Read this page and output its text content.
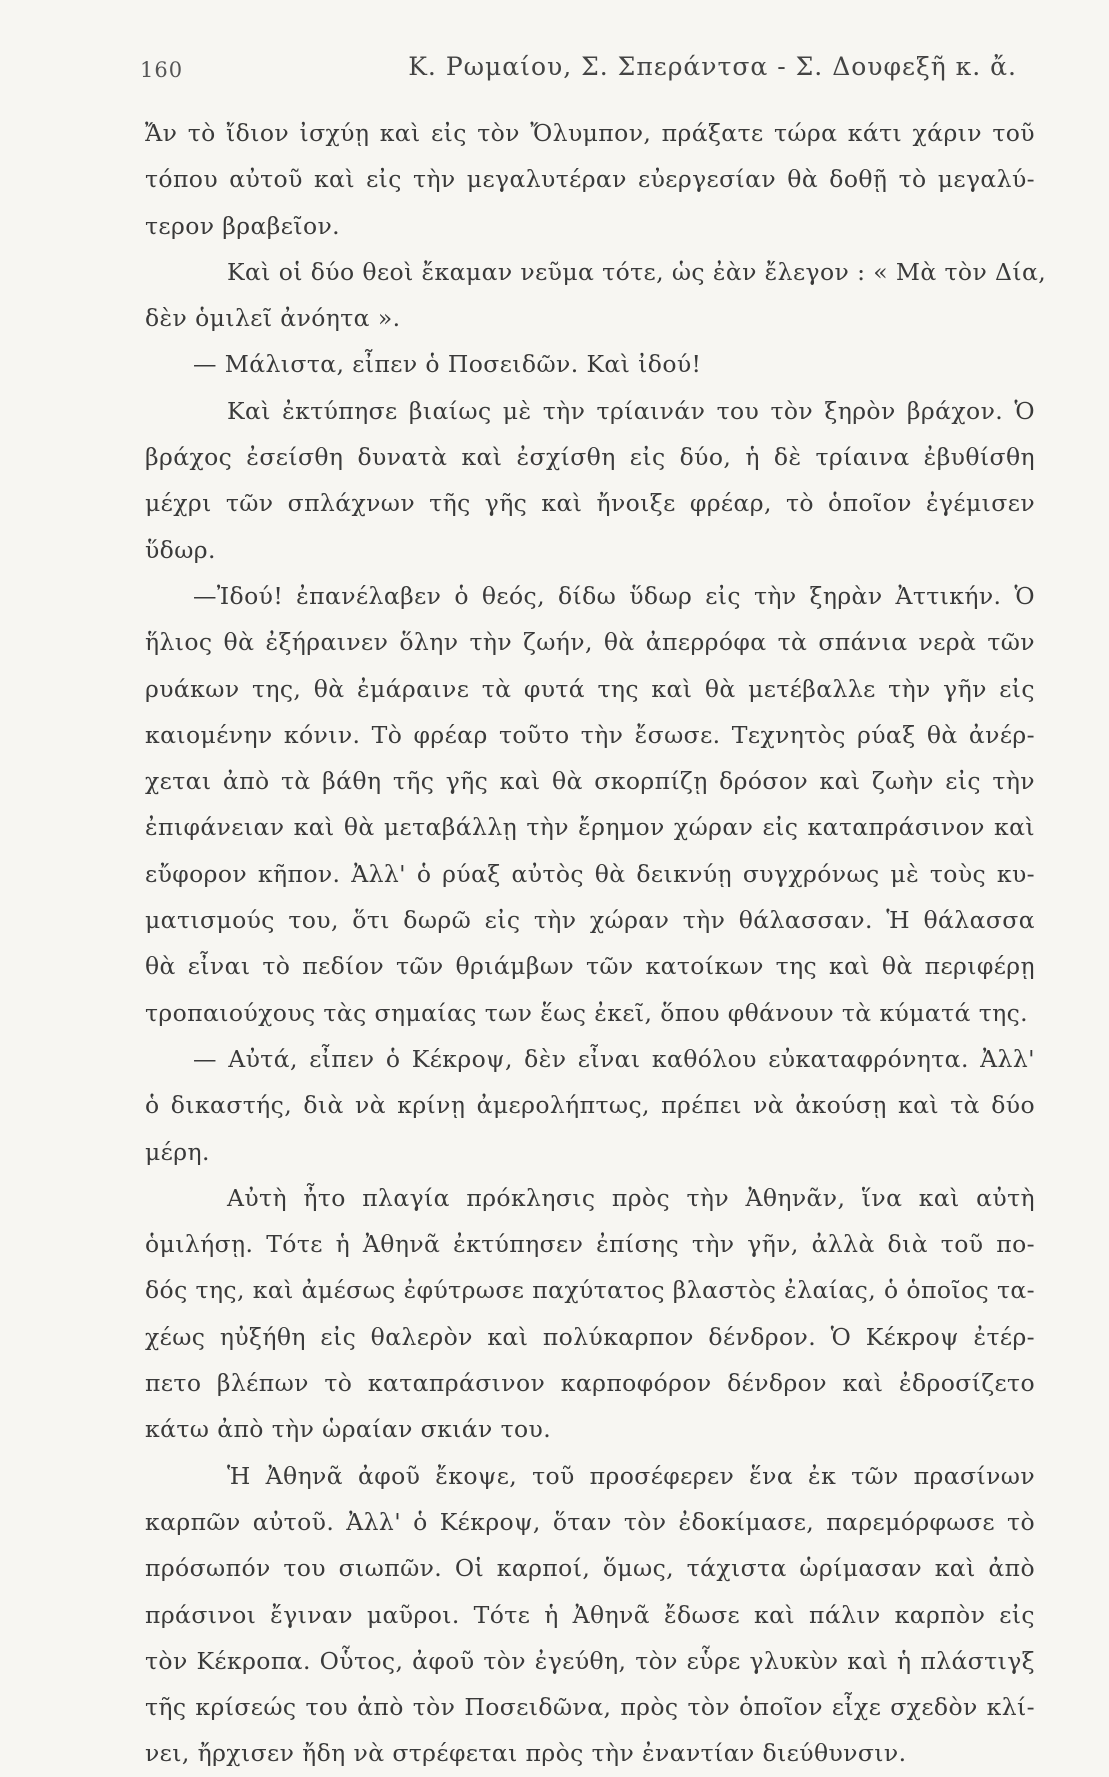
160	Κ. Ρωμαίου, Σ. Σπεράντσα - Σ. Δουφεξῆ κ. ἄ.
Ἄν τὸ ἴδιον ἰσχύῃ καὶ εἰς τὸν Ὄλυμπον, πράξατε τώρα κάτι χάριν τοῦ
τόπου αὐτοῦ καὶ εἰς τὴν μεγαλυτέραν εὐεργεσίαν θὰ δοθῇ τὸ μεγαλύ-
τερον βραβεῖον.
Καὶ οἱ δύο θεοὶ ἔκαμαν νεῦμα τότε, ὡς ἐὰν ἔλεγον : « Μὰ τὸν Δία,
δὲν ὁμιλεῖ ἀνόητα ».
— Μάλιστα, εἶπεν ὁ Ποσειδῶν. Καὶ ἰδού!
Καὶ ἐκτύπησε βιαίως μὲ τὴν τρίαινάν του τὸν ξηρὸν βράχον. Ὁ
βράχος ἐσείσθη δυνατὰ καὶ ἐσχίσθη εἰς δύο, ἡ δὲ τρίαινα ἐβυθίσθη
μέχρι τῶν σπλάχνων τῆς γῆς καὶ ἤνοιξε φρέαρ, τὸ ὁποῖον ἐγέμισεν
ὕδωρ.
—Ἰδού! ἐπανέλαβεν ὁ θεός, δίδω ὕδωρ εἰς τὴν ξηρὰν Ἀττικήν. Ὁ
ἥλιος θὰ ἐξήραινεν ὅλην τὴν ζωήν, θὰ ἀπερρόφα τὰ σπάνια νερὰ τῶν
ρυάκων της, θὰ ἐμάραινε τὰ φυτά της καὶ θὰ μετέβαλλε τὴν γῆν εἰς
καιομένην κόνιν. Τὸ φρέαρ τοῦτο τὴν ἔσωσε. Τεχνητὸς ρύαξ θὰ ἀνέρ-
χεται ἀπὸ τὰ βάθη τῆς γῆς καὶ θὰ σκορπίζῃ δρόσον καὶ ζωὴν εἰς τὴν
ἐπιφάνειαν καὶ θὰ μεταβάλλῃ τὴν ἔρημον χώραν εἰς καταπράσινον καὶ
εὔφορον κῆπον. Ἀλλ' ὁ ρύαξ αὐτὸς θὰ δεικνύῃ συγχρόνως μὲ τοὺς κυ-
ματισμούς του, ὅτι δωρῶ εἰς τὴν χώραν τὴν θάλασσαν. Ἡ θάλασσα
θὰ εἶναι τὸ πεδίον τῶν θριάμβων τῶν κατοίκων της καὶ θὰ περιφέρῃ
τροπαιούχους τὰς σημαίας των ἕως ἐκεῖ, ὅπου φθάνουν τὰ κύματά της.
— Αὐτά, εἶπεν ὁ Κέκροψ, δὲν εἶναι καθόλου εὐκαταφρόνητα. Ἀλλ'
ὁ δικαστής, διὰ νὰ κρίνῃ ἀμερολήπτως, πρέπει νὰ ἀκούσῃ καὶ τὰ δύο
μέρη.
Αὐτὴ ἦτο πλαγία πρόκλησις πρὸς τὴν Ἀθηνᾶν, ἵνα καὶ αὐτὴ
ὁμιλήσῃ. Τότε ἡ Ἀθηνᾶ ἐκτύπησεν ἐπίσης τὴν γῆν, ἀλλὰ διὰ τοῦ πο-
δός της, καὶ ἀμέσως ἐφύτρωσε παχύτατος βλαστὸς ἐλαίας, ὁ ὁποῖος τα-
χέως ηὐξήθη εἰς θαλερὸν καὶ πολύκαρπον δένδρον. Ὁ Κέκροψ ἐτέρ-
πετο βλέπων τὸ καταπράσινον καρποφόρον δένδρον καὶ ἐδροσίζετο
κάτω ἀπὸ τὴν ὡραίαν σκιάν του.
Ἡ Ἀθηνᾶ ἀφοῦ ἔκοψε, τοῦ προσέφερεν ἕνα ἐκ τῶν πρασίνων
καρπῶν αὐτοῦ. Ἀλλ' ὁ Κέκροψ, ὅταν τὸν ἐδοκίμασε, παρεμόρφωσε τὸ
πρόσωπόν του σιωπῶν. Οἱ καρποί, ὅμως, τάχιστα ὡρίμασαν καὶ ἀπὸ
πράσινοι ἔγιναν μαῦροι. Τότε ἡ Ἀθηνᾶ ἔδωσε καὶ πάλιν καρπὸν εἰς
τὸν Κέκροπα. Οὗτος, ἀφοῦ τὸν ἐγεύθη, τὸν εὗρε γλυκὺν καὶ ἡ πλάστιγξ
τῆς κρίσεώς του ἀπὸ τὸν Ποσειδῶνα, πρὸς τὸν ὁποῖον εἶχε σχεδὸν κλί-
νει, ἤρχισεν ἤδη νὰ στρέφεται πρὸς τὴν ἐναντίαν διεύθυνσιν.
